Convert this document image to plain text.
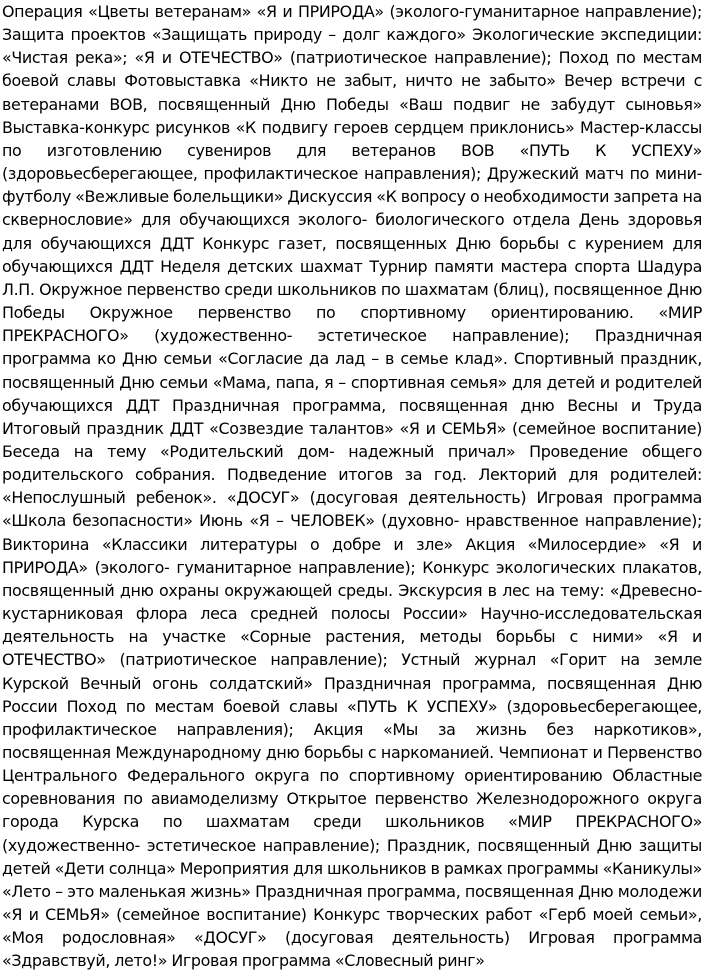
Операция «Цветы ветеранам» «Я и ПРИРОДА» (эколого-гуманитарное направление); Защита проектов «Защищать природу – долг каждого» Экологические экспедиции: «Чистая река»; «Я и ОТЕЧЕСТВО» (патриотическое направление); Поход по местам боевой славы Фотовыставка «Никто не забыт, ничто не забыто» Вечер встречи с ветеранами ВОВ, посвященный Дню Победы «Ваш подвиг не забудут сыновья» Выставка-конкурс рисунков «К подвигу героев сердцем приклонись» Мастер-классы по изготовлению сувениров для ветеранов ВОВ «ПУТЬ К УСПЕХУ» (здоровьесберегающее, профилактическое направления); Дружеский матч по мини-футболу «Вежливые болельщики» Дискуссия «К вопросу о необходимости запрета на сквернословие» для обучающихся эколого- биологического отдела День здоровья для обучающихся ДДТ Конкурс газет, посвященных Дню борьбы с курением для обучающихся ДДТ Неделя детских шахмат Турнир памяти мастера спорта Шадура Л.П. Окружное первенство среди школьников по шахматам (блиц), посвященное Дню Победы Окружное первенство по спортивному ориентированию. «МИР ПРЕКРАСНОГО» (художественно- эстетическое направление); Праздничная программа ко Дню семьи «Согласие да лад – в семье клад». Спортивный праздник, посвященный Дню семьи «Мама, папа, я – спортивная семья» для детей и родителей обучающихся ДДТ Праздничная программа, посвященная дню Весны и Труда Итоговый праздник ДДТ «Созвездие талантов» «Я и СЕМЬЯ» (семейное воспитание) Беседа на тему «Родительский дом- надежный причал» Проведение общего родительского собрания. Подведение итогов за год. Лекторий для родителей: «Непослушный ребенок». «ДОСУГ» (досуговая деятельность) Игровая программа «Школа безопасности» Июнь «Я – ЧЕЛОВЕК» (духовно- нравственное направление); Викторина «Классики литературы о добре и зле» Акция «Милосердие» «Я и ПРИРОДА» (эколого- гуманитарное направление); Конкурс экологических плакатов, посвященный дню охраны окружающей среды. Экскурсия в лес на тему: «Древесно-кустарниковая флора леса средней полосы России» Научно-исследовательская деятельность на участке «Сорные растения, методы борьбы с ними» «Я и ОТЕЧЕСТВО» (патриотическое направление); Устный журнал «Горит на земле Курской Вечный огонь солдатский» Праздничная программа, посвященная Дню России Поход по местам боевой славы «ПУТЬ К УСПЕХУ» (здоровьесберегающее, профилактическое направления); Акция «Мы за жизнь без наркотиков», посвященная Международному дню борьбы с наркоманией. Чемпионат и Первенство Центрального Федерального округа по спортивному ориентированию Областные соревнования по авиамоделизму Открытое первенство Железнодорожного округа города Курска по шахматам среди школьников «МИР ПРЕКРАСНОГО» (художественно- эстетическое направление); Праздник, посвященный Дню защиты детей «Дети солнца» Мероприятия для школьников в рамках программы «Каникулы» «Лето – это маленькая жизнь» Праздничная программа, посвященная Дню молодежи «Я и СЕМЬЯ» (семейное воспитание) Конкурс творческих работ «Герб моей семьи», «Моя родословная» «ДОСУГ» (досуговая деятельность) Игровая программа «Здравствуй, лето!» Игровая программа «Словесный ринг»
